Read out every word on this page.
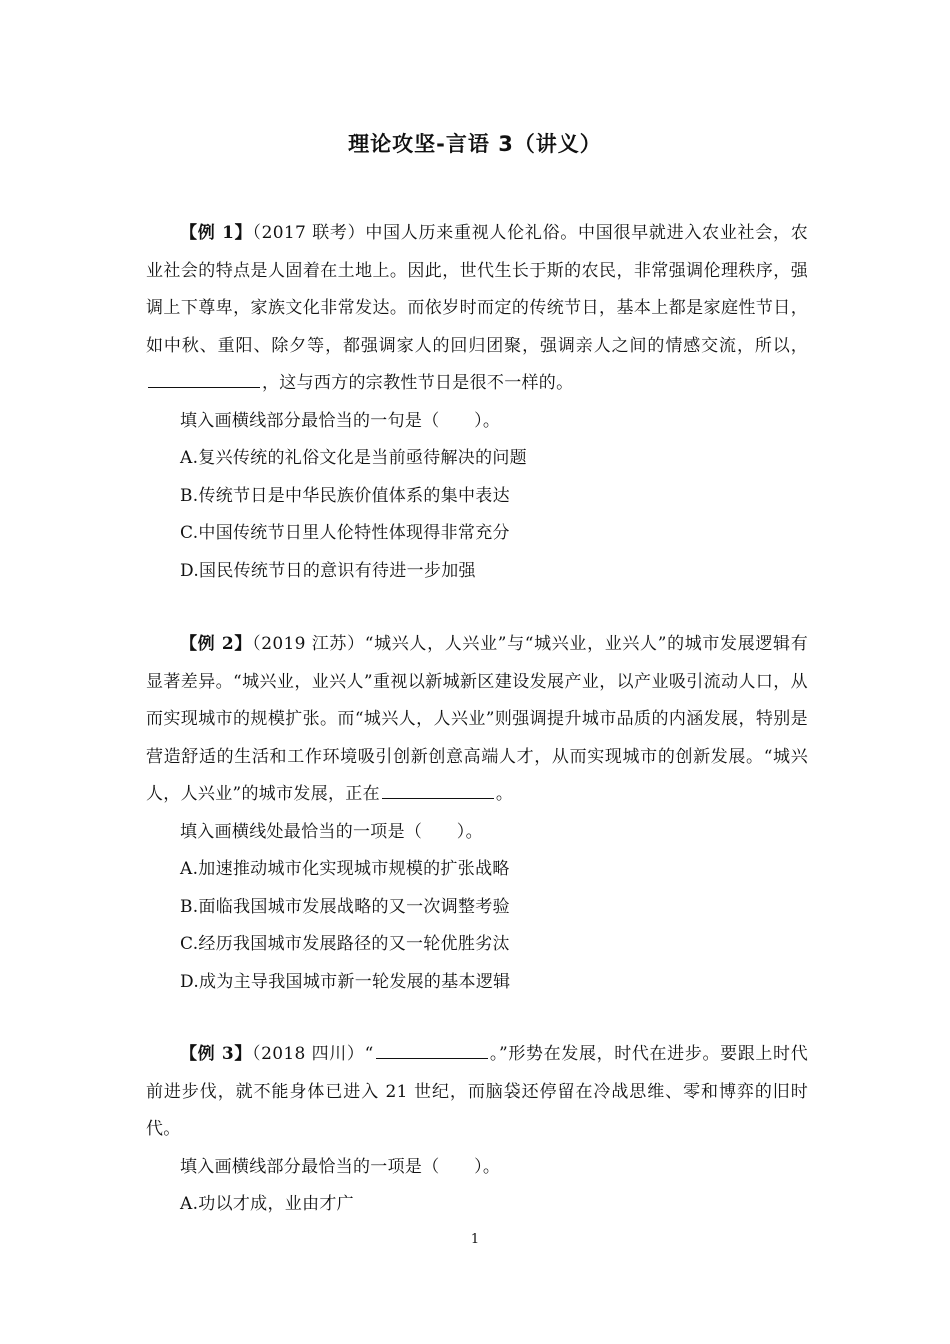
理论攻坚-言语 3（讲义）

【例 1】（2017 联考）中国人历来重视人伦礼俗。中国很早就进入农业社会，农业社会的特点是人固着在土地上。因此，世代生长于斯的农民，非常强调伦理秩序，强调上下尊卑，家族文化非常发达。而依岁时而定的传统节日，基本上都是家庭性节日，如中秋、重阳、除夕等，都强调家人的回归团聚，强调亲人之间的情感交流，所以，，这与西方的宗教性节日是很不一样的。

填入画横线部分最恰当的一句是（　　）。

A.复兴传统的礼俗文化是当前亟待解决的问题

B.传统节日是中华民族价值体系的集中表达

C.中国传统节日里人伦特性体现得非常充分

D.国民传统节日的意识有待进一步加强

【例 2】（2019 江苏）“城兴人，人兴业”与“城兴业，业兴人”的城市发展逻辑有显著差异。“城兴业，业兴人”重视以新城新区建设发展产业，以产业吸引流动人口，从而实现城市的规模扩张。而“城兴人，人兴业”则强调提升城市品质的内涵发展，特别是营造舒适的生活和工作环境吸引创新创意高端人才，从而实现城市的创新发展。“城兴人，人兴业”的城市发展，正在	。

填入画横线处最恰当的一项是（　　）。

A.加速推动城市化实现城市规模的扩张战略

B.面临我国城市发展战略的又一次调整考验

C.经历我国城市发展路径的又一轮优胜劣汰

D.成为主导我国城市新一轮发展的基本逻辑

【例 3】（2018 四川）“	。”形势在发展，时代在进步。要跟上时代前进步伐，就不能身体已进入 21 世纪，而脑袋还停留在冷战思维、零和博弈的旧时代。

填入画横线部分最恰当的一项是（　　）。

A.功以才成，业由才广

1
